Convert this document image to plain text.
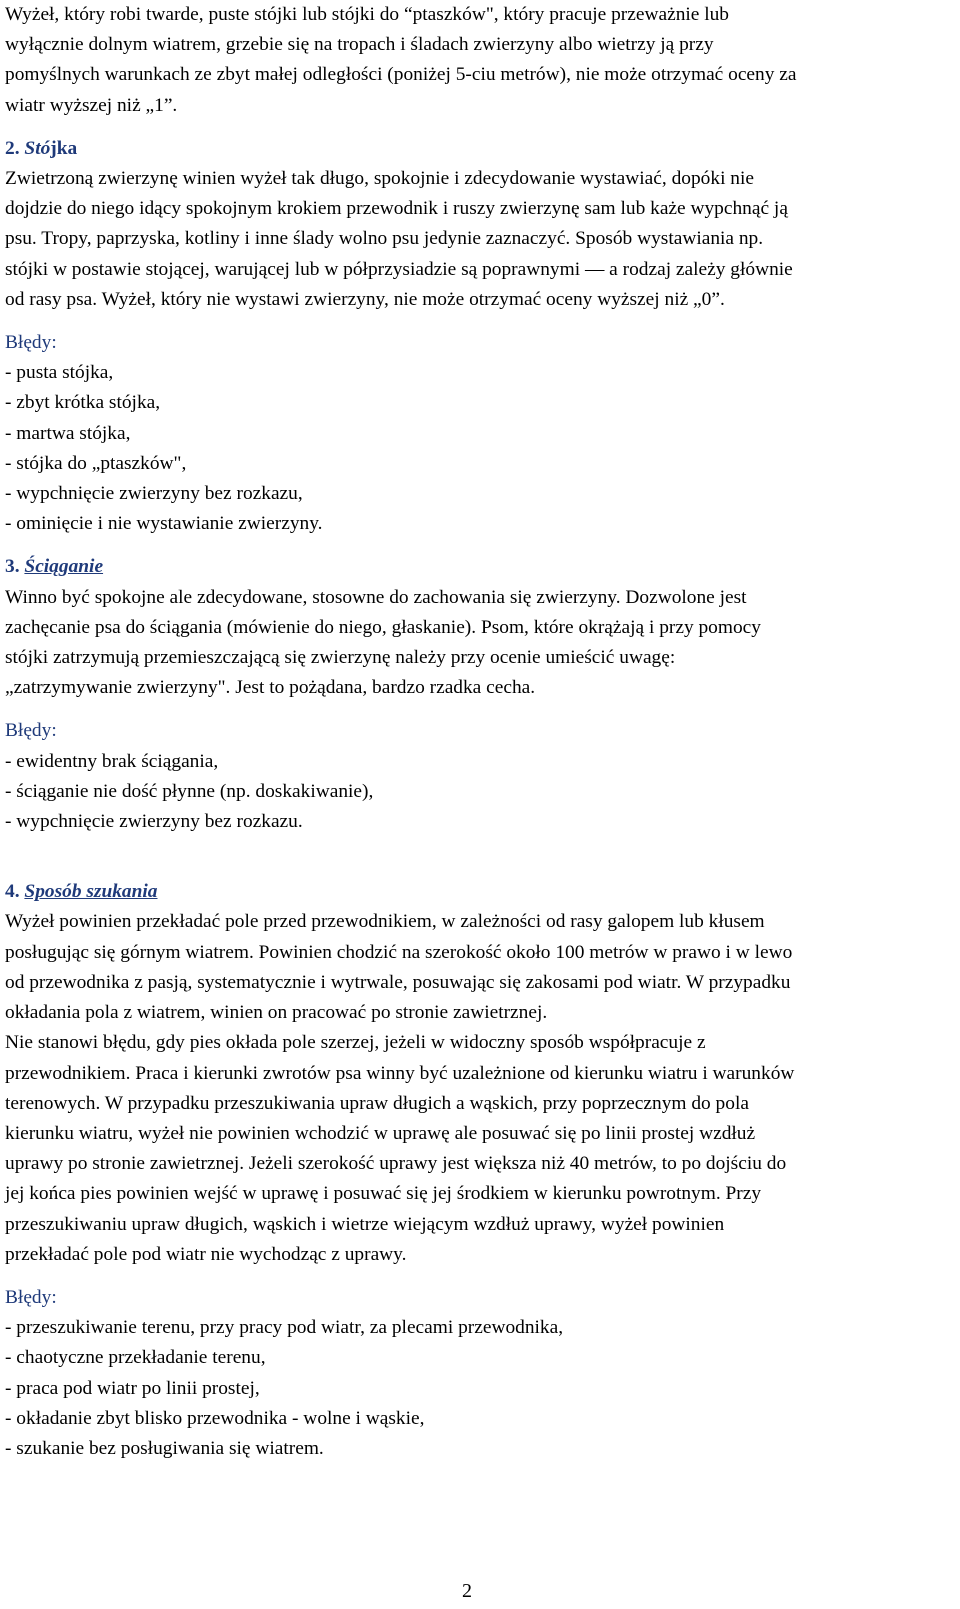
Wyżeł, który robi twarde, puste stójki lub stójki do “ptaszków", który pracuje przeważnie lub

wyłącznie dolnym wiatrem, grzebie się na tropach i śladach zwierzyny albo wietrzy ją przy

pomyślnych warunkach ze zbyt małej odległości (poniżej 5-ciu metrów), nie może otrzymać oceny za

wiatr wyższej niż „1”.

2. Stójka

Zwietrzoną zwierzynę winien wyżeł tak długo, spokojnie i zdecydowanie wystawiać, dopóki nie

dojdzie do niego idący spokojnym krokiem przewodnik i ruszy zwierzynę sam lub każe wypchnąć ją

psu. Tropy, paprzyska, kotliny i inne ślady wolno psu jedynie zaznaczyć. Sposób wystawiania np.

stójki w postawie stojącej, warującej lub w półprzysiadzie są poprawnymi — a rodzaj zależy głównie

od rasy psa. Wyżeł, który nie wystawi zwierzyny, nie może otrzymać oceny wyższej niż „0”.

Błędy:

- pusta stójka,

- zbyt krótka stójka,

- martwa stójka,

- stójka do „ptaszków",

- wypchnięcie zwierzyny bez rozkazu,

- ominięcie i nie wystawianie zwierzyny.

3. Ściąganie

Winno być spokojne ale zdecydowane, stosowne do zachowania się zwierzyny. Dozwolone jest

zachęcanie psa do ściągania (mówienie do niego, głaskanie). Psom, które okrążają i przy pomocy

stójki zatrzymują przemieszczającą się zwierzynę należy przy ocenie umieścić uwagę:

„zatrzymywanie zwierzyny". Jest to pożądana, bardzo rzadka cecha.

Błędy:

- ewidentny brak ściągania,

- ściąganie nie dość płynne (np. doskakiwanie),

- wypchnięcie zwierzyny bez rozkazu.

4. Sposób szukania

Wyżeł powinien przekładać pole przed przewodnikiem, w zależności od rasy galopem lub kłusem

posługując się górnym wiatrem. Powinien chodzić na szerokość około 100 metrów w prawo i w lewo

od przewodnika z pasją, systematycznie i wytrwale, posuwając się zakosami pod wiatr. W przypadku

okładania pola z wiatrem, winien on pracować po stronie zawietrznej.

Nie stanowi błędu, gdy pies okłada pole szerzej, jeżeli w widoczny sposób współpracuje z

przewodnikiem. Praca i kierunki zwrotów psa winny być uzależnione od kierunku wiatru i warunków

terenowych. W przypadku przeszukiwania upraw długich a wąskich, przy poprzecznym do pola

kierunku wiatru, wyżeł nie powinien wchodzić w uprawę ale posuwać się po linii prostej wzdłuż

uprawy po stronie zawietrznej. Jeżeli szerokość uprawy jest większa niż 40 metrów, to po dojściu do

jej końca pies powinien wejść w uprawę i posuwać się jej środkiem w kierunku powrotnym. Przy

przeszukiwaniu upraw długich, wąskich i wietrze wiejącym wzdłuż uprawy, wyżeł powinien

przekładać pole pod wiatr nie wychodząc z uprawy.

Błędy:

- przeszukiwanie terenu, przy pracy pod wiatr, za plecami przewodnika,

- chaotyczne przekładanie terenu,

- praca pod wiatr po linii prostej,

- okładanie zbyt blisko przewodnika - wolne i wąskie,

- szukanie bez posługiwania się wiatrem.

2
